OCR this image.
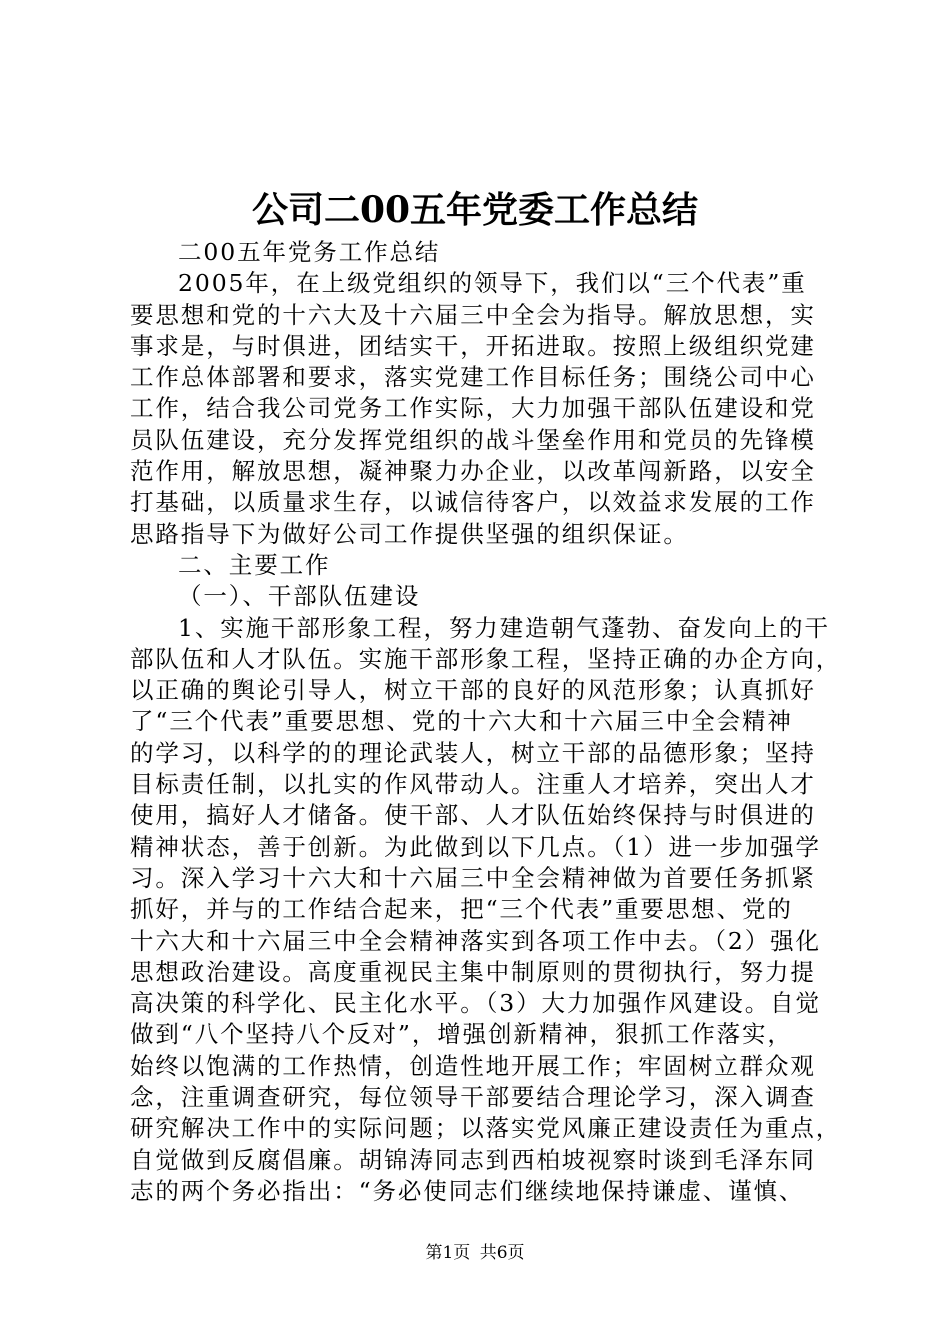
公司二00五年党委工作总结
二00五年党务工作总结
2005年，在上级党组织的领导下，我们以“三个代表”重
要思想和党的十六大及十六届三中全会为指导。解放思想，实
事求是，与时俱进，团结实干，开拓进取。按照上级组织党建
工作总体部署和要求，落实党建工作目标任务；围绕公司中心
工作，结合我公司党务工作实际，大力加强干部队伍建设和党
员队伍建设，充分发挥党组织的战斗堡垒作用和党员的先锋模
范作用，解放思想，凝神聚力办企业，以改革闯新路，以安全
打基础，以质量求生存，以诚信待客户，以效益求发展的工作
思路指导下为做好公司工作提供坚强的组织保证。
二、主要工作
（一）、干部队伍建设
1、实施干部形象工程，努力建造朝气蓬勃、奋发向上的干
部队伍和人才队伍。实施干部形象工程，坚持正确的办企方向，
以正确的舆论引导人，树立干部的良好的风范形象；认真抓好
了“三个代表”重要思想、党的十六大和十六届三中全会精神
的学习，以科学的的理论武装人，树立干部的品德形象；坚持
目标责任制，以扎实的作风带动人。注重人才培养，突出人才
使用，搞好人才储备。使干部、人才队伍始终保持与时俱进的
精神状态，善于创新。为此做到以下几点。（1）进一步加强学
习。深入学习十六大和十六届三中全会精神做为首要任务抓紧
抓好，并与的工作结合起来，把“三个代表”重要思想、党的
十六大和十六届三中全会精神落实到各项工作中去。（2）强化
思想政治建设。高度重视民主集中制原则的贯彻执行，努力提
高决策的科学化、民主化水平。（3）大力加强作风建设。自觉
做到“八个坚持八个反对”，增强创新精神，狠抓工作落实，
始终以饱满的工作热情，创造性地开展工作；牢固树立群众观
念，注重调查研究，每位领导干部要结合理论学习，深入调查
研究解决工作中的实际问题；以落实党风廉正建设责任为重点，
自觉做到反腐倡廉。胡锦涛同志到西柏坡视察时谈到毛泽东同
志的两个务必指出：“务必使同志们继续地保持谦虚、谨慎、
第1页 共6页
